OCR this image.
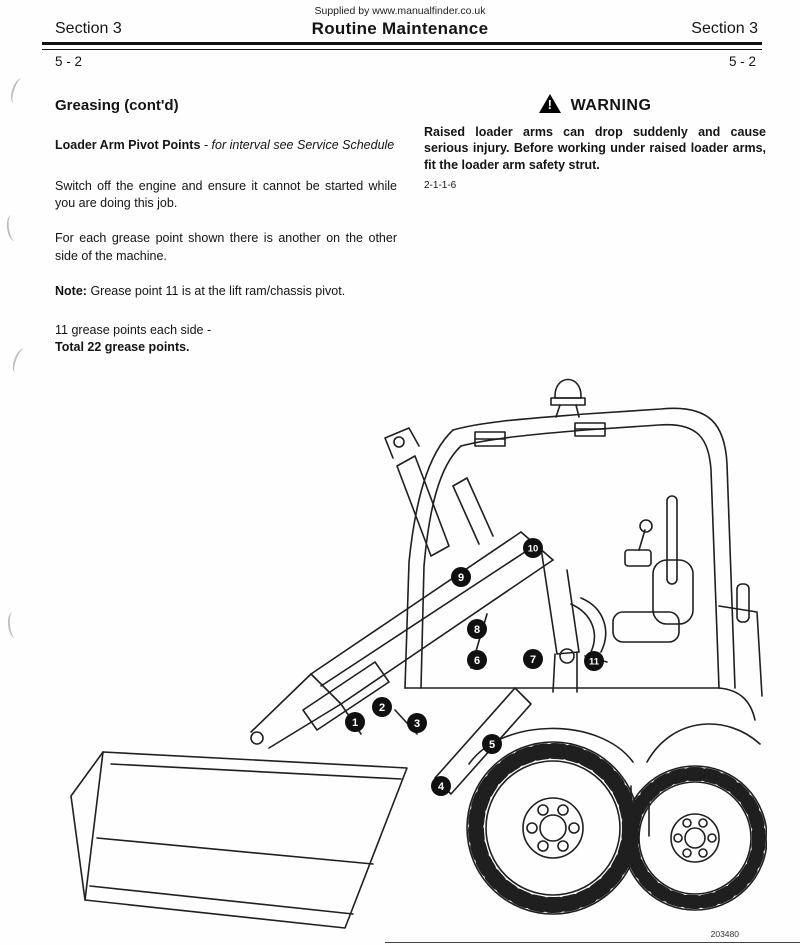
Supplied by www.manualfinder.co.uk
Section 3	Routine Maintenance	Section 3
5 - 2	5 - 2
Greasing (cont'd)

Loader Arm Pivot Points - for interval see Service Schedule

Switch off the engine and ensure it cannot be started while you are doing this job.

For each grease point shown there is another on the other side of the machine.

Note: Grease point 11 is at the lift ram/chassis pivot.

11 grease points each side -
Total 22 grease points.

! WARNING

Raised loader arms can drop suddenly and cause serious injury. Before working under raised loader arms, fit the loader arm safety strut.

2-1-1-6
1
2
3
4
5
6	7
8
9
10
11
203480
